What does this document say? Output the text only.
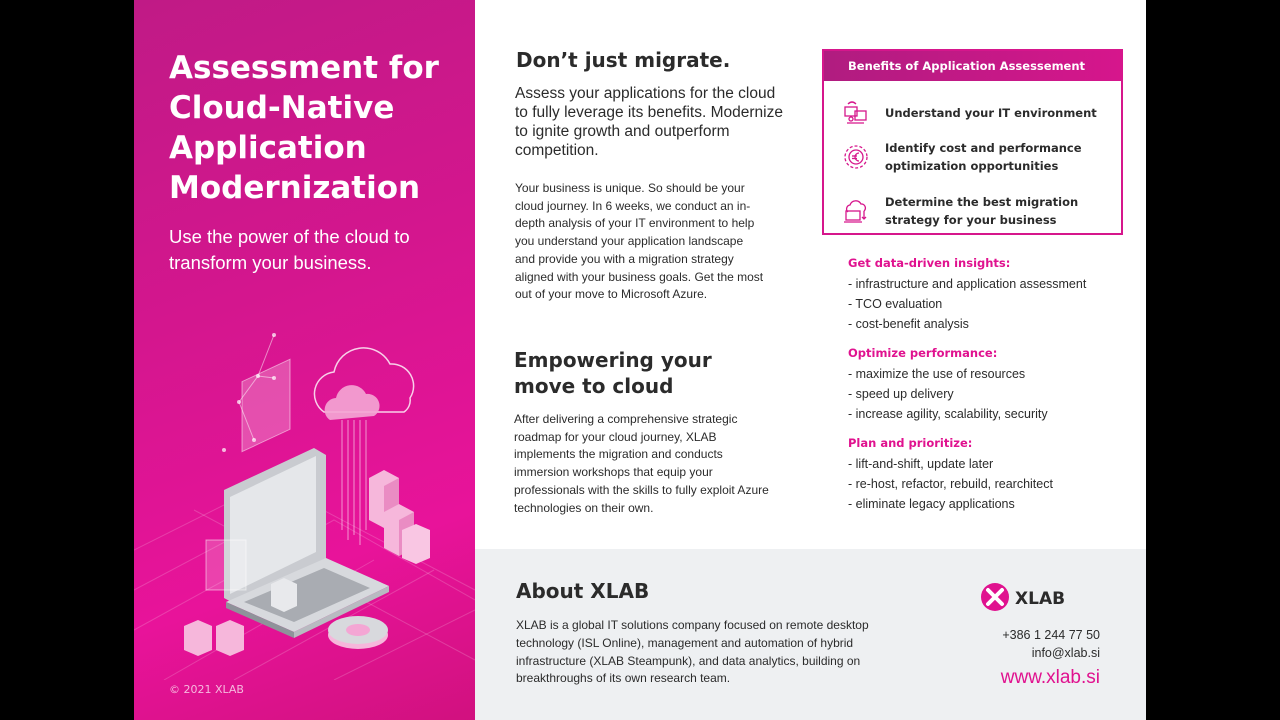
Assessment for Cloud-Native Application Modernization

Use the power of the cloud to transform your business.

© 2021 XLAB
Don’t just migrate.

Assess your applications for the cloud to fully leverage its benefits. Modernize to ignite growth and outperform competition.

Your business is unique. So should be your cloud journey. In 6 weeks, we conduct an in-depth analysis of your IT environment to help you understand your application landscape and provide you with a migration strategy aligned with your business goals. Get the most out of your move to Microsoft Azure.

Empowering your move to cloud

After delivering a comprehensive strategic roadmap for your cloud journey, XLAB implements the migration and conducts immersion workshops that equip your professionals with the skills to fully exploit Azure technologies on their own.

Benefits of Application Assessement
Understand your IT environment
Identify cost and performance optimization opportunities
Determine the best migration strategy for your business
Get data-driven insights:
- infrastructure and application assessment
- TCO evaluation
- cost-benefit analysis
Optimize performance:
- maximize the use of resources
- speed up delivery
- increase agility, scalability, security
Plan and prioritize:
- lift-and-shift, update later
- re-host, refactor, rebuild, rearchitect
- eliminate legacy applications
About XLAB

XLAB is a global IT solutions company focused on remote desktop technology (ISL Online), management and automation of hybrid infrastructure (XLAB Steampunk), and data analytics, building on breakthroughs of its own research team.

XLAB
+386 1 244 77 50
info@xlab.si
www.xlab.si
